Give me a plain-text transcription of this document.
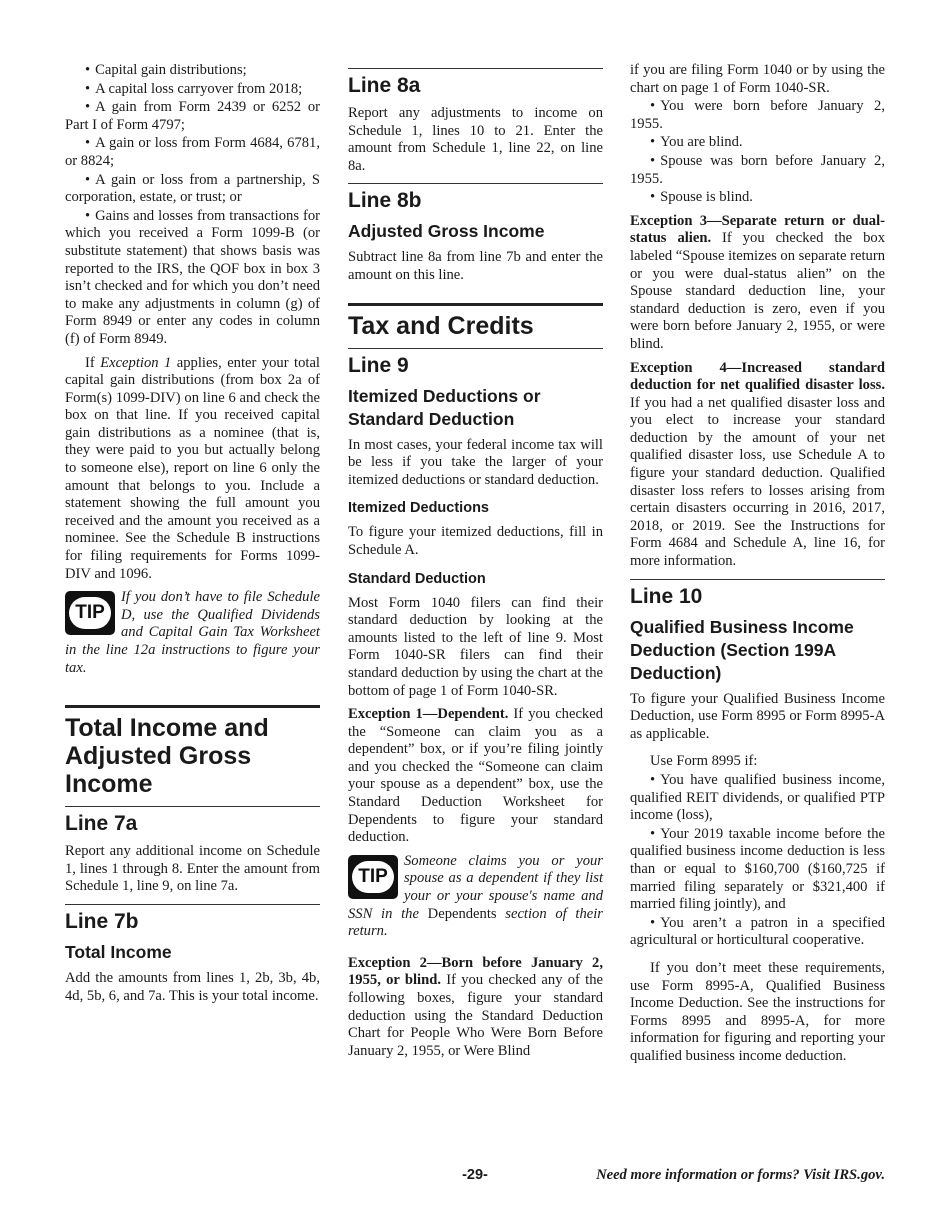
• Capital gain distributions;

• A capital loss carryover from 2018;

• A gain from Form 2439 or 6252 or Part I of Form 4797;

• A gain or loss from Form 4684, 6781, or 8824;

• A gain or loss from a partnership, S corporation, estate, or trust; or

• Gains and losses from transactions for which you received a Form 1099-B (or substitute statement) that shows basis was reported to the IRS, the QOF box in box 3 isn’t checked and for which you don’t need to make any adjustments in column (g) of Form 8949 or enter any codes in column (f) of Form 8949.

If Exception 1 applies, enter your total capital gain distributions (from box 2a of Form(s) 1099-DIV) on line 6 and check the box on that line. If you received capital gain distributions as a nominee (that is, they were paid to you but actually belong to someone else), report on line 6 only the amount that belongs to you. Include a statement showing the full amount you received and the amount you received as a nominee. See the Schedule B instructions for filing requirements for Forms 1099-DIV and 1096.

TIP
If you don’t have to file Schedule D, use the Qualified Dividends and Capital Gain Tax Worksheet in the line 12a instructions to figure your tax.
Total Income and Adjusted Gross Income
Line 7a

Report any additional income on Schedule 1, lines 1 through 8. Enter the amount from Schedule 1, line 9, on line 7a.

Line 7b
Total Income

Add the amounts from lines 1, 2b, 3b, 4b, 4d, 5b, 6, and 7a. This is your total income.

Line 8a

Report any adjustments to income on Schedule 1, lines 10 to 21. Enter the amount from Schedule 1, line 22, on line 8a.

Line 8b
Adjusted Gross Income

Subtract line 8a from line 7b and enter the amount on this line.

Tax and Credits
Line 9
Itemized Deductions or Standard Deduction

In most cases, your federal income tax will be less if you take the larger of your itemized deductions or standard deduction.

Itemized Deductions

To figure your itemized deductions, fill in Schedule A.

Standard Deduction

Most Form 1040 filers can find their standard deduction by looking at the amounts listed to the left of line 9. Most Form 1040-SR filers can find their standard deduction by using the chart at the bottom of page 1 of Form 1040-SR.

Exception 1—Dependent. If you checked the “Someone can claim you as a dependent” box, or if you’re filing jointly and you checked the “Someone can claim your spouse as a dependent” box, use the Standard Deduction Worksheet for Dependents to figure your standard deduction.

TIP
Someone claims you or your spouse as a dependent if they list your or your spouse's name and SSN in the Dependents section of their return.

Exception 2—Born before January 2, 1955, or blind. If you checked any of the following boxes, figure your standard deduction using the Standard Deduction Chart for People Who Were Born Before January 2, 1955, or Were Blind

if you are filing Form 1040 or by using the chart on page 1 of Form 1040-SR.

• You were born before January 2, 1955.

• You are blind.

• Spouse was born before January 2, 1955.

• Spouse is blind.

Exception 3—Separate return or dual-status alien. If you checked the box labeled “Spouse itemizes on separate return or you were dual-status alien” on the Spouse standard deduction line, your standard deduction is zero, even if you were born before January 2, 1955, or were blind.

Exception 4—Increased standard deduction for net qualified disaster loss. If you had a net qualified disaster loss and you elect to increase your standard deduction by the amount of your net qualified disaster loss, use Schedule A to figure your standard deduction. Qualified disaster loss refers to losses arising from certain disasters occurring in 2016, 2017, 2018, or 2019. See the Instructions for Form 4684 and Schedule A, line 16, for more information.

Line 10
Qualified Business Income Deduction (Section 199A Deduction)

To figure your Qualified Business Income Deduction, use Form 8995 or Form 8995-A as applicable.

Use Form 8995 if:

• You have qualified business income, qualified REIT dividends, or qualified PTP income (loss),

• Your 2019 taxable income before the qualified business income deduction is less than or equal to $160,700 ($160,725 if married filing separately or $321,400 if married filing jointly), and

• You aren’t a patron in a specified agricultural or horticultural cooperative.

If you don’t meet these requirements, use Form 8995-A, Qualified Business Income Deduction. See the instructions for Forms 8995 and 8995-A, for more information for figuring and reporting your qualified business income deduction.

-29-	Need more information or forms? Visit IRS.gov.
